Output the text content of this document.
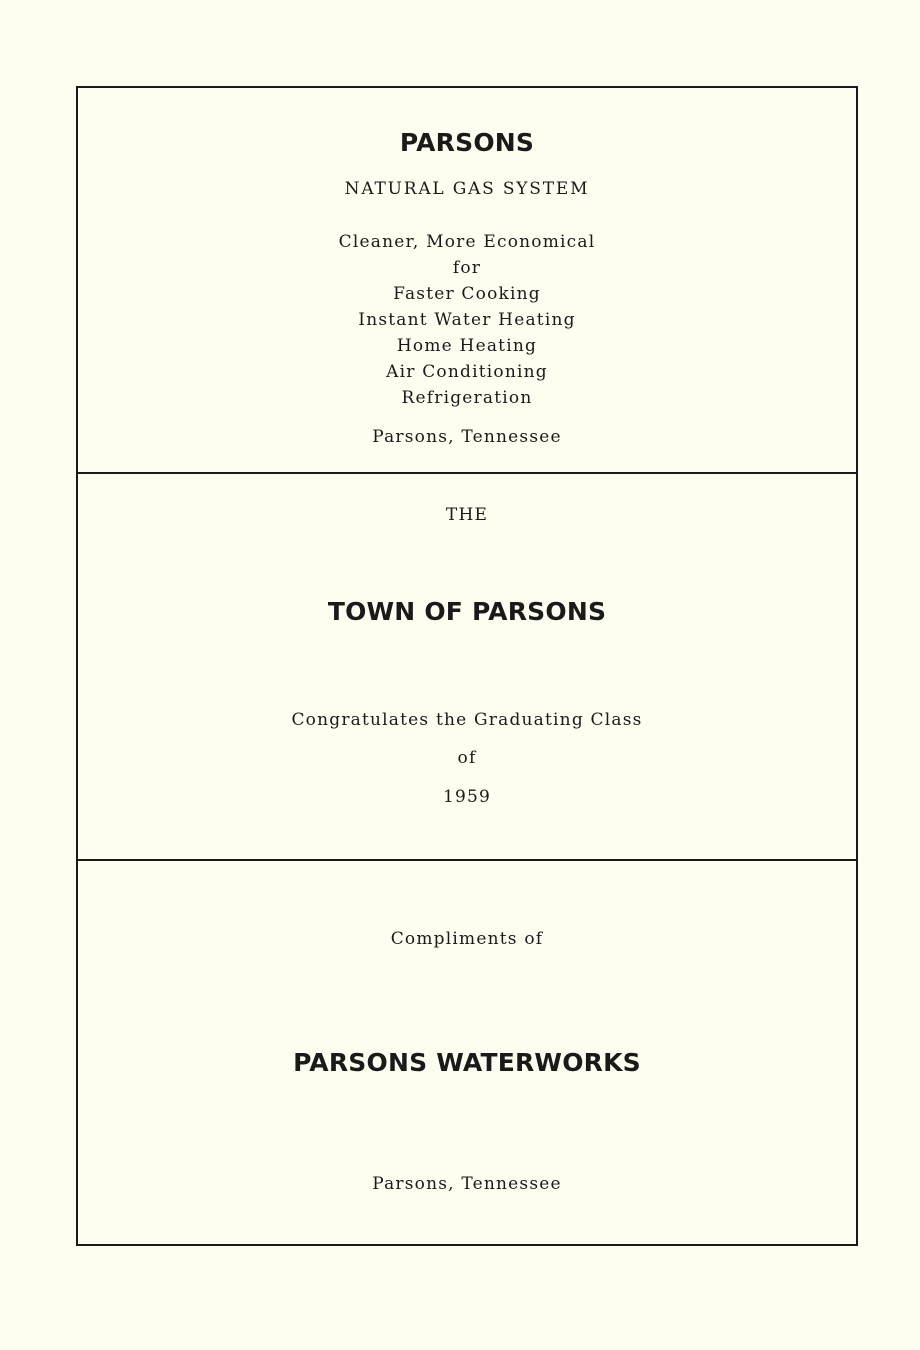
PARSONS
NATURAL GAS SYSTEM
Cleaner, More Economical
for
Faster Cooking
Instant Water Heating
Home Heating
Air Conditioning
Refrigeration
Parsons, Tennessee
THE
TOWN OF PARSONS
Congratulates the Graduating Class
of
1959
Compliments of
PARSONS WATERWORKS
Parsons, Tennessee
